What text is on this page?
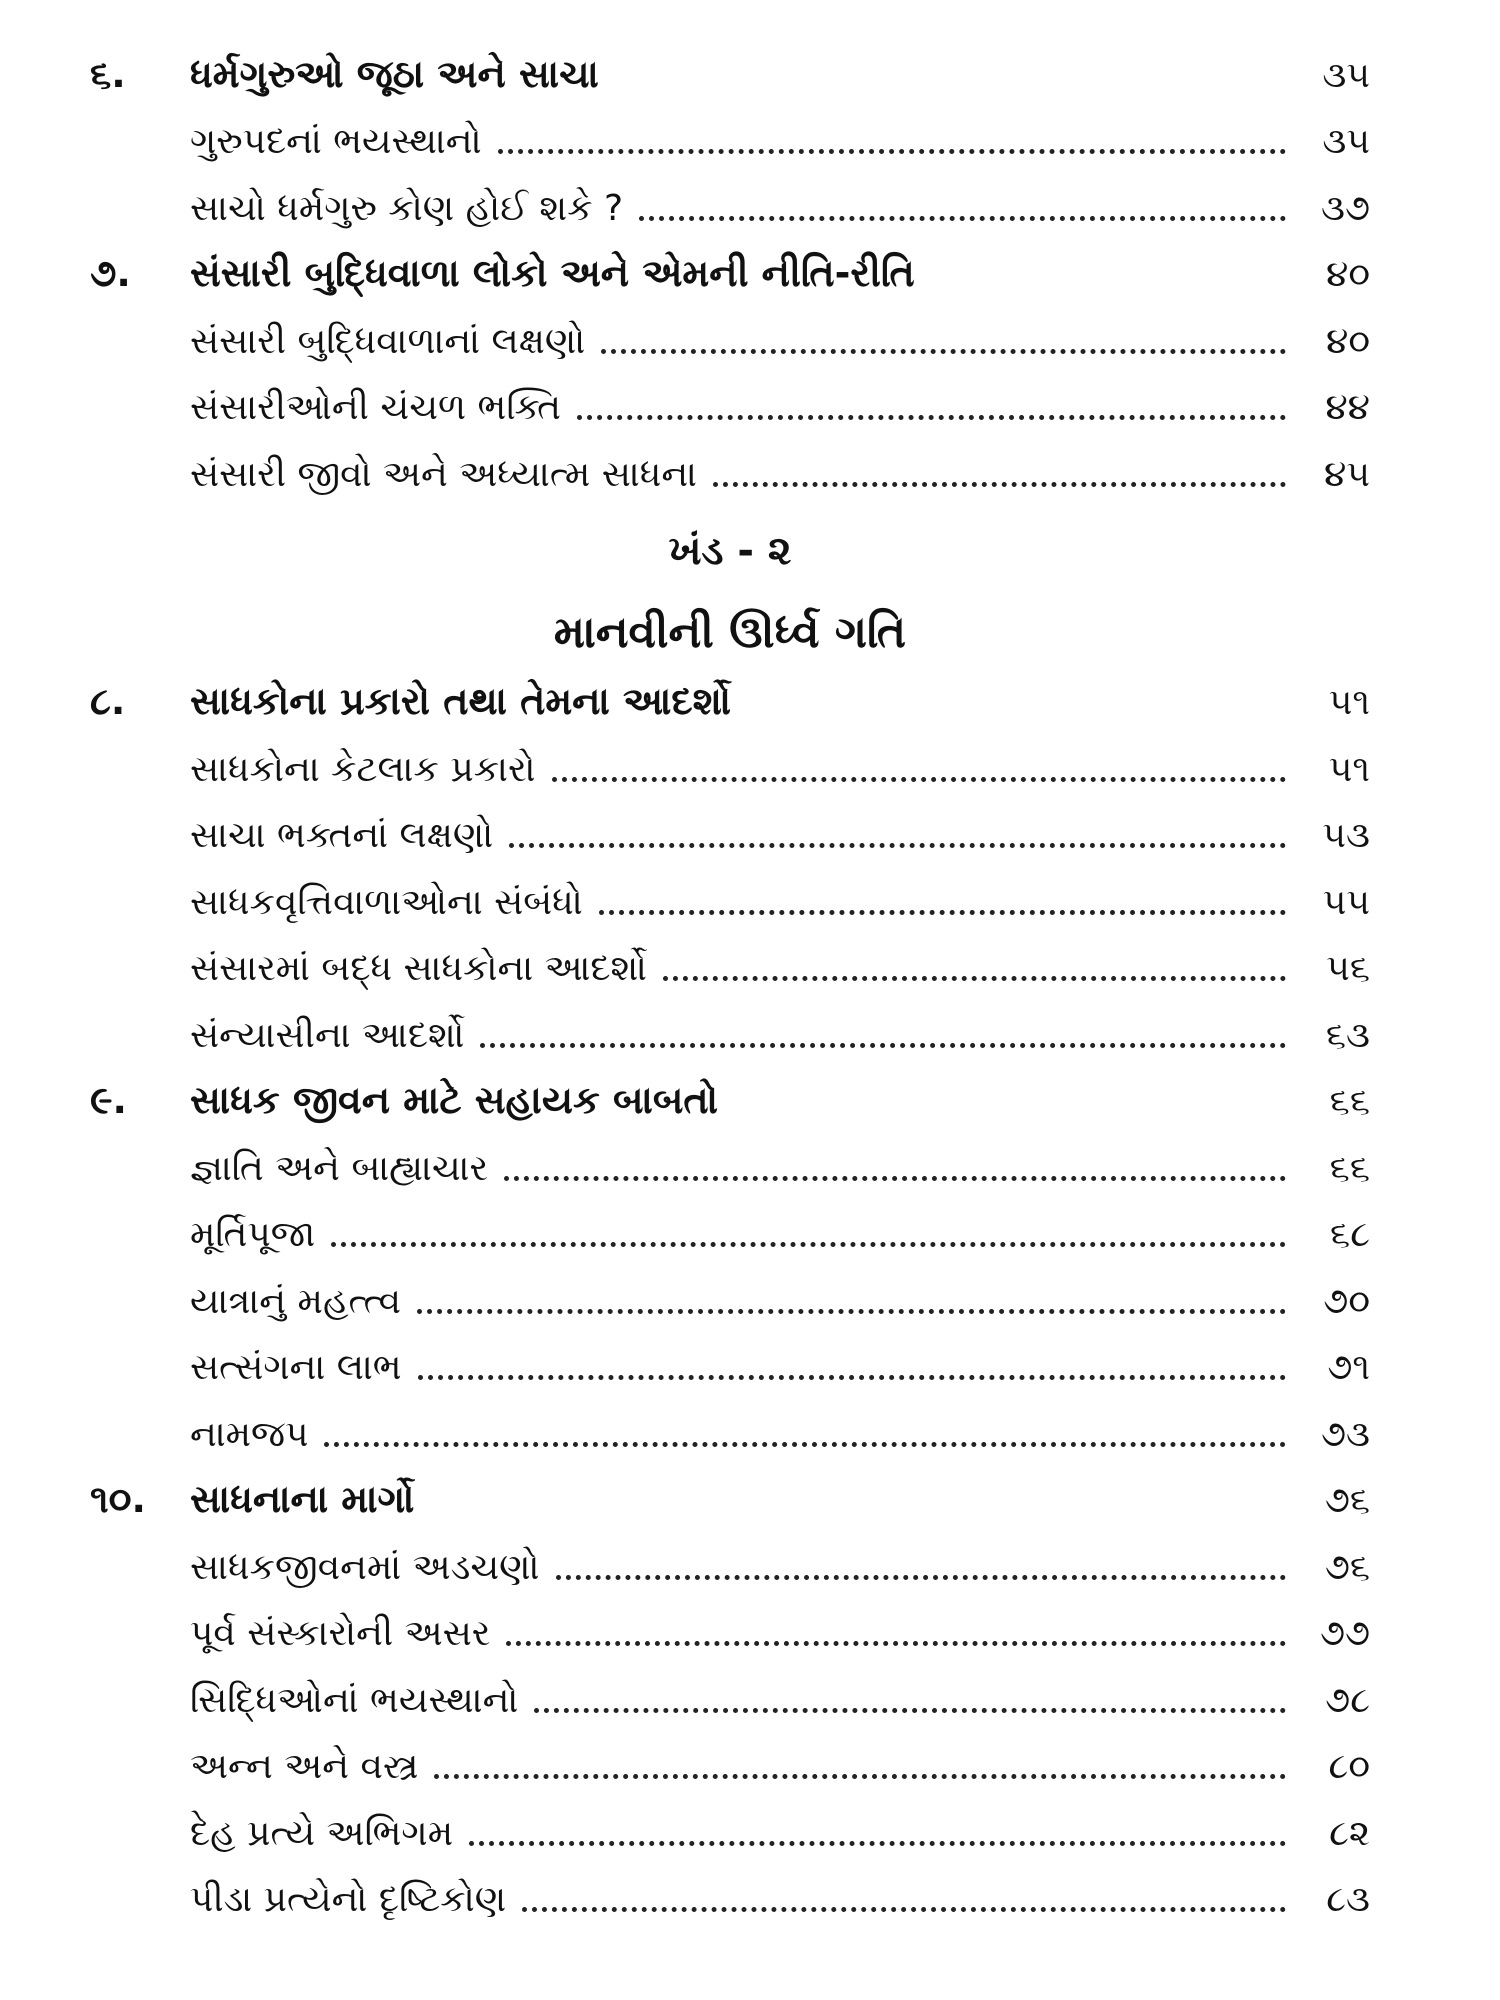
૬.	ધર્મગુરુઓ જૂઠા અને સાચા	૩૫
ગુરુપદનાં ભયસ્થાનો	૩૫
સાચો ધર્મગુરુ કોણ હોઈ શકે ?	૩૭
૭.	સંસારી બુદ્ધિવાળા લોકો અને એમની નીતિ-રીતિ	૪૦
સંસારી બુદ્ધિવાળાનાં લક્ષણો	૪૦
સંસારીઓની ચંચળ ભક્તિ	૪૪
સંસારી જીવો અને અધ્યાત્મ સાધના	૪૫
ખંડ - ૨
માનવીની ઊર્ધ્વ ગતિ
૮.	સાધકોના પ્રકારો તથા તેમના આદર્શો	૫૧
સાધકોના કેટલાક પ્રકારો	૫૧
સાચા ભક્તનાં લક્ષણો	૫૩
સાધકવૃત્તિવાળાઓના સંબંધો	૫૫
સંસારમાં બદ્ધ સાધકોના આદર્શો	૫૬
સંન્યાસીના આદર્શો	૬૩
૯.	સાધક જીવન માટે સહાયક બાબતો	૬૬
જ્ઞાતિ અને બાહ્યાચાર	૬૬
મૂર્તિપૂજા	૬૮
યાત્રાનું મહત્ત્વ	૭૦
સત્સંગના લાભ	૭૧
નામજપ	૭૩
૧૦.	સાધનાના માર્ગો	૭૬
સાધકજીવનમાં અડચણો	૭૬
પૂર્વ સંસ્કારોની અસર	૭૭
સિદ્ધિઓનાં ભયસ્થાનો	૭૮
અન્ન અને વસ્ત્ર	૮૦
દેહ પ્રત્યે અભિગમ	૮૨
પીડા પ્રત્યેનો દૃષ્ટિકોણ	૮૩
